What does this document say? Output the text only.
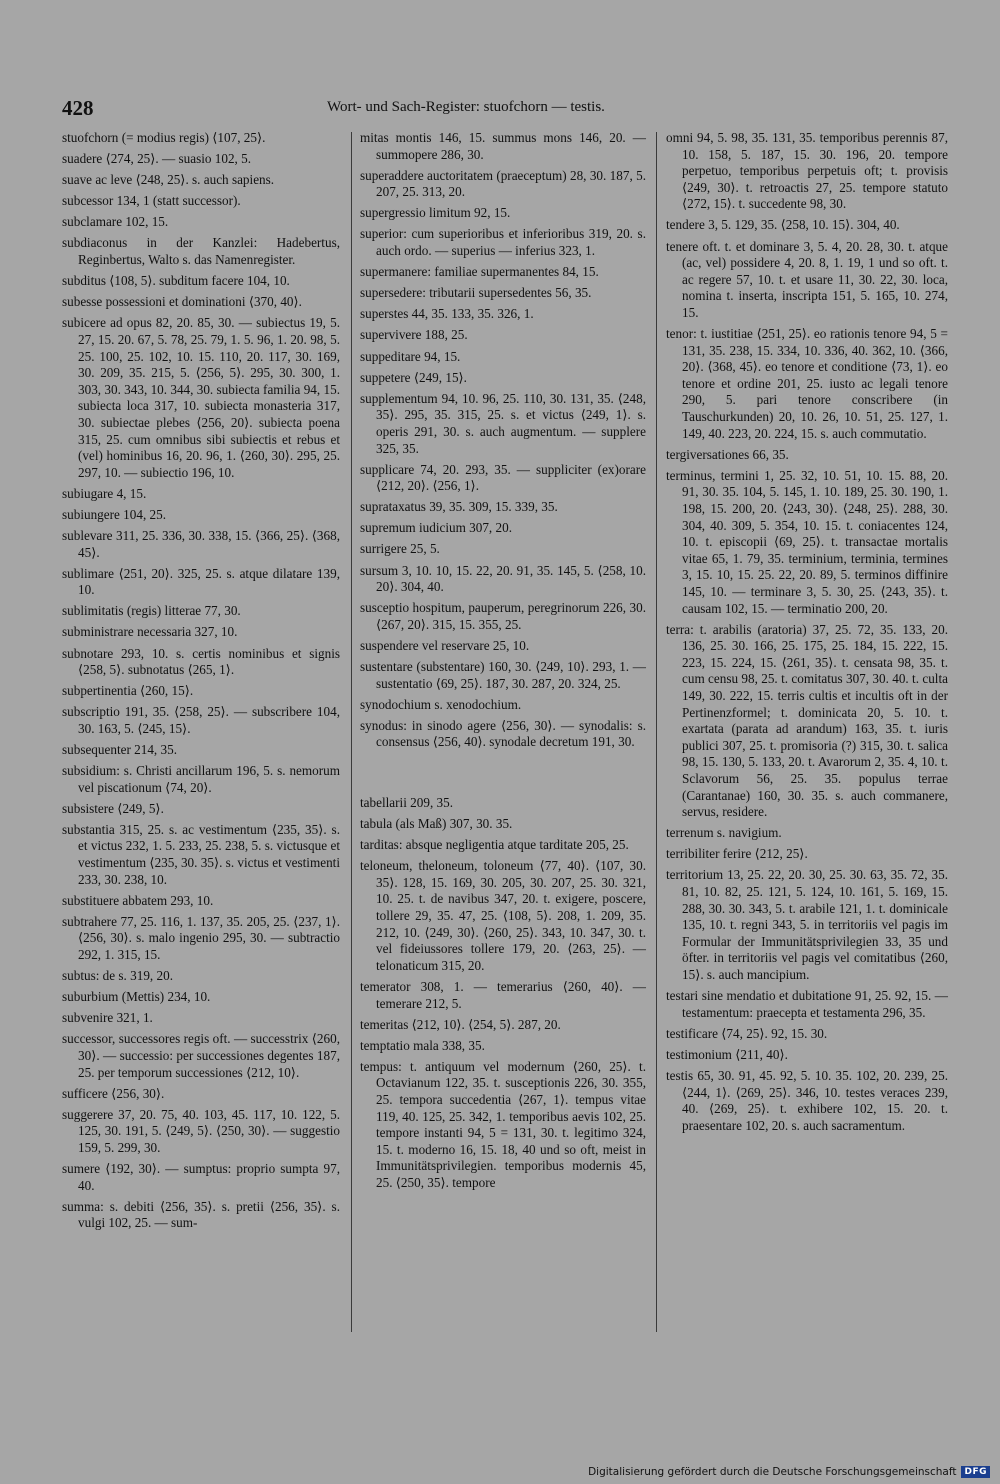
428	Wort- und Sach-Register: stuofchorn — testis.

stuofchorn (= modius regis) ⟨107, 25⟩.

suadere ⟨274, 25⟩. — suasio 102, 5.

suave ac leve ⟨248, 25⟩. s. auch sapiens.

subcessor 134, 1 (statt successor).

subclamare 102, 15.

subdiaconus in der Kanzlei: Hadebertus, Reginbertus, Walto s. das Namenregister.

subditus ⟨108, 5⟩. subditum facere 104, 10.

subesse possessioni et dominationi ⟨370, 40⟩.

subicere ad opus 82, 20. 85, 30. — subiectus 19, 5. 27, 15. 20. 67, 5. 78, 25. 79, 1. 5. 96, 1. 20. 98, 5. 25. 100, 25. 102, 10. 15. 110, 20. 117, 30. 169, 30. 209, 35. 215, 5. ⟨256, 5⟩. 295, 30. 300, 1. 303, 30. 343, 10. 344, 30. subiecta familia 94, 15. subiecta loca 317, 10. subiecta monasteria 317, 30. subiectae plebes ⟨256, 20⟩. subiecta poena 315, 25. cum omnibus sibi subiectis et rebus et (vel) hominibus 16, 20. 96, 1. ⟨260, 30⟩. 295, 25. 297, 10. — subiectio 196, 10.

subiugare 4, 15.

subiungere 104, 25.

sublevare 311, 25. 336, 30. 338, 15. ⟨366, 25⟩. ⟨368, 45⟩.

sublimare ⟨251, 20⟩. 325, 25. s. atque dilatare 139, 10.

sublimitatis (regis) litterae 77, 30.

subministrare necessaria 327, 10.

subnotare 293, 10. s. certis nominibus et signis ⟨258, 5⟩. subnotatus ⟨265, 1⟩.

subpertinentia ⟨260, 15⟩.

subscriptio 191, 35. ⟨258, 25⟩. — subscribere 104, 30. 163, 5. ⟨245, 15⟩.

subsequenter 214, 35.

subsidium: s. Christi ancillarum 196, 5. s. nemorum vel piscationum ⟨74, 20⟩.

subsistere ⟨249, 5⟩.

substantia 315, 25. s. ac vestimentum ⟨235, 35⟩. s. et victus 232, 1. 5. 233, 25. 238, 5. s. victusque et vestimentum ⟨235, 30. 35⟩. s. victus et vestimenti 233, 30. 238, 10.

substituere abbatem 293, 10.

subtrahere 77, 25. 116, 1. 137, 35. 205, 25. ⟨237, 1⟩. ⟨256, 30⟩. s. malo ingenio 295, 30. — subtractio 292, 1. 315, 15.

subtus: de s. 319, 20.

suburbium (Mettis) 234, 10.

subvenire 321, 1.

successor, successores regis oft. — successtrix ⟨260, 30⟩. — successio: per successiones degentes 187, 25. per temporum successiones ⟨212, 10⟩.

sufficere ⟨256, 30⟩.

suggerere 37, 20. 75, 40. 103, 45. 117, 10. 122, 5. 125, 30. 191, 5. ⟨249, 5⟩. ⟨250, 30⟩. — suggestio 159, 5. 299, 30.

sumere ⟨192, 30⟩. — sumptus: proprio sumpta 97, 40.

summa: s. debiti ⟨256, 35⟩. s. pretii ⟨256, 35⟩. s. vulgi 102, 25. — sum-

mitas montis 146, 15. summus mons 146, 20. — summopere 286, 30.

superaddere auctoritatem (praeceptum) 28, 30. 187, 5. 207, 25. 313, 20.

supergressio limitum 92, 15.

superior: cum superioribus et inferioribus 319, 20. s. auch ordo. — superius — inferius 323, 1.

supermanere: familiae supermanentes 84, 15.

supersedere: tributarii supersedentes 56, 35.

superstes 44, 35. 133, 35. 326, 1.

supervivere 188, 25.

suppeditare 94, 15.

suppetere ⟨249, 15⟩.

supplementum 94, 10. 96, 25. 110, 30. 131, 35. ⟨248, 35⟩. 295, 35. 315, 25. s. et victus ⟨249, 1⟩. s. operis 291, 30. s. auch augmentum. — supplere 325, 35.

supplicare 74, 20. 293, 35. — suppliciter (ex)orare ⟨212, 20⟩. ⟨256, 1⟩.

suprataxatus 39, 35. 309, 15. 339, 35.

supremum iudicium 307, 20.

surrigere 25, 5.

sursum 3, 10. 10, 15. 22, 20. 91, 35. 145, 5. ⟨258, 10. 20⟩. 304, 40.

susceptio hospitum, pauperum, peregrinorum 226, 30. ⟨267, 20⟩. 315, 15. 355, 25.

suspendere vel reservare 25, 10.

sustentare (substentare) 160, 30. ⟨249, 10⟩. 293, 1. — sustentatio ⟨69, 25⟩. 187, 30. 287, 20. 324, 25.

synodochium s. xenodochium.

synodus: in sinodo agere ⟨256, 30⟩. — synodalis: s. consensus ⟨256, 40⟩. synodale decretum 191, 30.

tabellarii 209, 35.

tabula (als Maß) 307, 30. 35.

tarditas: absque negligentia atque tarditate 205, 25.

teloneum, theloneum, toloneum ⟨77, 40⟩. ⟨107, 30. 35⟩. 128, 15. 169, 30. 205, 30. 207, 25. 30. 321, 10. 25. t. de navibus 347, 20. t. exigere, poscere, tollere 29, 35. 47, 25. ⟨108, 5⟩. 208, 1. 209, 35. 212, 10. ⟨249, 30⟩. ⟨260, 25⟩. 343, 10. 347, 30. t. vel fideiussores tollere 179, 20. ⟨263, 25⟩. — telonaticum 315, 20.

temerator 308, 1. — temerarius ⟨260, 40⟩. — temerare 212, 5.

temeritas ⟨212, 10⟩. ⟨254, 5⟩. 287, 20.

temptatio mala 338, 35.

tempus: t. antiquum vel modernum ⟨260, 25⟩. t. Octavianum 122, 35. t. susceptionis 226, 30. 355, 25. tempora succedentia ⟨267, 1⟩. tempus vitae 119, 40. 125, 25. 342, 1. temporibus aevis 102, 25. tempore instanti 94, 5 = 131, 30. t. legitimo 324, 15. t. moderno 16, 15. 18, 40 und so oft, meist in Immunitätsprivilegien. temporibus modernis 45, 25. ⟨250, 35⟩. tempore

omni 94, 5. 98, 35. 131, 35. temporibus perennis 87, 10. 158, 5. 187, 15. 30. 196, 20. tempore perpetuo, temporibus perpetuis oft; t. provisis ⟨249, 30⟩. t. retroactis 27, 25. tempore statuto ⟨272, 15⟩. t. succedente 98, 30.

tendere 3, 5. 129, 35. ⟨258, 10. 15⟩. 304, 40.

tenere oft. t. et dominare 3, 5. 4, 20. 28, 30. t. atque (ac, vel) possidere 4, 20. 8, 1. 19, 1 und so oft. t. ac regere 57, 10. t. et usare 11, 30. 22, 30. loca, nomina t. inserta, inscripta 151, 5. 165, 10. 274, 15.

tenor: t. iustitiae ⟨251, 25⟩. eo rationis tenore 94, 5 = 131, 35. 238, 15. 334, 10. 336, 40. 362, 10. ⟨366, 20⟩. ⟨368, 45⟩. eo tenore et conditione ⟨73, 1⟩. eo tenore et ordine 201, 25. iusto ac legali tenore 290, 5. pari tenore conscribere (in Tauschurkunden) 20, 10. 26, 10. 51, 25. 127, 1. 149, 40. 223, 20. 224, 15. s. auch commutatio.

tergiversationes 66, 35.

terminus, termini 1, 25. 32, 10. 51, 10. 15. 88, 20. 91, 30. 35. 104, 5. 145, 1. 10. 189, 25. 30. 190, 1. 198, 15. 200, 20. ⟨243, 30⟩. ⟨248, 25⟩. 288, 30. 304, 40. 309, 5. 354, 10. 15. t. coniacentes 124, 10. t. episcopii ⟨69, 25⟩. t. transactae mortalis vitae 65, 1. 79, 35. terminium, terminia, termines 3, 15. 10, 15. 25. 22, 20. 89, 5. terminos diffinire 145, 10. — terminare 3, 5. 30, 25. ⟨243, 35⟩. t. causam 102, 15. — terminatio 200, 20.

terra: t. arabilis (aratoria) 37, 25. 72, 35. 133, 20. 136, 25. 30. 166, 25. 175, 25. 184, 15. 222, 15. 223, 15. 224, 15. ⟨261, 35⟩. t. censata 98, 35. t. cum censu 98, 25. t. comitatus 307, 30. 40. t. culta 149, 30. 222, 15. terris cultis et incultis oft in der Pertinenzformel; t. dominicata 20, 5. 10. t. exartata (parata ad arandum) 163, 35. t. iuris publici 307, 25. t. promisoria (?) 315, 30. t. salica 98, 15. 130, 5. 133, 20. t. Avarorum 2, 35. 4, 10. t. Sclavorum 56, 25. 35. populus terrae (Carantanae) 160, 30. 35. s. auch commanere, servus, residere.

terrenum s. navigium.

terribiliter ferire ⟨212, 25⟩.

territorium 13, 25. 22, 20. 30, 25. 30. 63, 35. 72, 35. 81, 10. 82, 25. 121, 5. 124, 10. 161, 5. 169, 15. 288, 30. 30. 343, 5. t. arabile 121, 1. t. dominicale 135, 10. t. regni 343, 5. in territoriis vel pagis im Formular der Immunitätsprivilegien 33, 35 und öfter. in territoriis vel pagis vel comitatibus ⟨260, 15⟩. s. auch mancipium.

testari sine mendatio et dubitatione 91, 25. 92, 15. — testamentum: praecepta et testamenta 296, 35.

testificare ⟨74, 25⟩. 92, 15. 30.

testimonium ⟨211, 40⟩.

testis 65, 30. 91, 45. 92, 5. 10. 35. 102, 20. 239, 25. ⟨244, 1⟩. ⟨269, 25⟩. 346, 10. testes veraces 239, 40. ⟨269, 25⟩. t. exhibere 102, 15. 20. t. praesentare 102, 20. s. auch sacramentum.

Digitalisierung gefördert durch die Deutsche Forschungsgemeinschaft DFG
